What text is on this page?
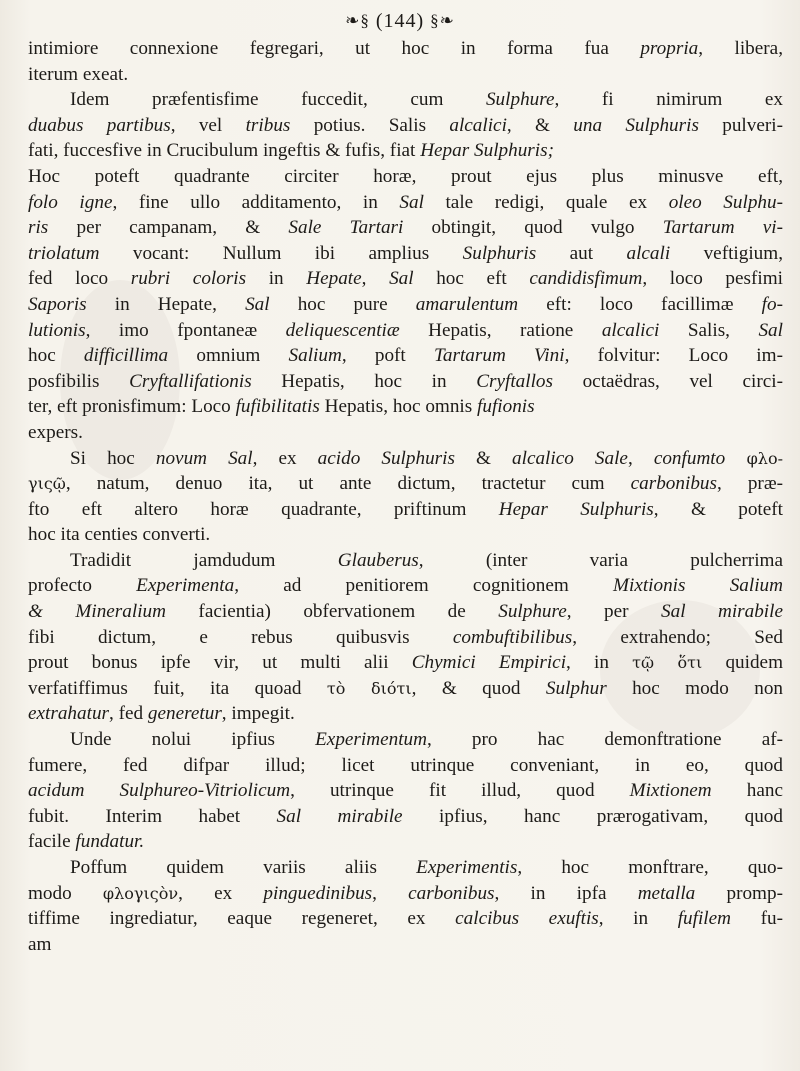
❧§ (144) §❧
intimiore connexione fegregari, ut hoc in forma fua propria, libera,
iterum exeat.
Idem præfentisfime fuccedit, cum Sulphure, fi nimirum ex
duabus partibus, vel tribus potius. Salis alcalici, & una Sulphuris pulveri-
fati, fuccesfive in Crucibulum ingeftis & fufis, fiat Hepar Sulphuris;
Hoc poteft quadrante circiter horæ, prout ejus plus minusve eft,
folo igne, fine ullo additamento, in Sal tale redigi, quale ex oleo Sulphu-
ris per campanam, & Sale Tartari obtingit, quod vulgo Tartarum vi-
triolatum vocant: Nullum ibi amplius Sulphuris aut alcali veftigium,
fed loco rubri coloris in Hepate, Sal hoc eft candidisfimum, loco pesfimi
Saporis in Hepate, Sal hoc pure amarulentum eft: loco facillimæ fo-
lutionis, imo fpontaneæ deliquescentiæ Hepatis, ratione alcalici Salis, Sal
hoc difficillima omnium Salium, poft Tartarum Vini, folvitur: Loco im-
posfibilis Cryftallifationis Hepatis, hoc in Cryftallos octaëdras, vel circi-
ter, eft pronisfimum: Loco fufibilitatis Hepatis, hoc omnis fufionis
expers.
Si hoc novum Sal, ex acido Sulphuris & alcalico Sale, confumto φλο-
γιςῷ, natum, denuo ita, ut ante dictum, tractetur cum carbonibus, præ-
fto eft altero horæ quadrante, priftinum Hepar Sulphuris, & poteft
hoc ita centies converti.
Tradidit jamdudum Glauberus, (inter varia pulcherrima
profecto Experimenta, ad penitiorem cognitionem Mixtionis Salium
& Mineralium facientia) obfervationem de Sulphure, per Sal mirabile
fibi dictum, e rebus quibusvis combuftibilibus, extrahendo; Sed
prout bonus ipfe vir, ut multi alii Chymici Empirici, in τῷ ὅτι quidem
verfatiffimus fuit, ita quoad τὸ διότι, & quod Sulphur hoc modo non
extrahatur, fed generetur, impegit.
Unde nolui ipfius Experimentum, pro hac demonftratione af-
fumere, fed difpar illud; licet utrinque conveniant, in eo, quod
acidum Sulphureo-Vitriolicum, utrinque fit illud, quod Mixtionem hanc
fubit. Interim habet Sal mirabile ipfius, hanc prærogativam, quod
facile fundatur.
Poffum quidem variis aliis Experimentis, hoc monftrare, quo-
modo φλογιςὸν, ex pinguedinibus, carbonibus, in ipfa metalla promp-
tiffime ingrediatur, eaque regeneret, ex calcibus exuftis, in fufilem fu-
am
